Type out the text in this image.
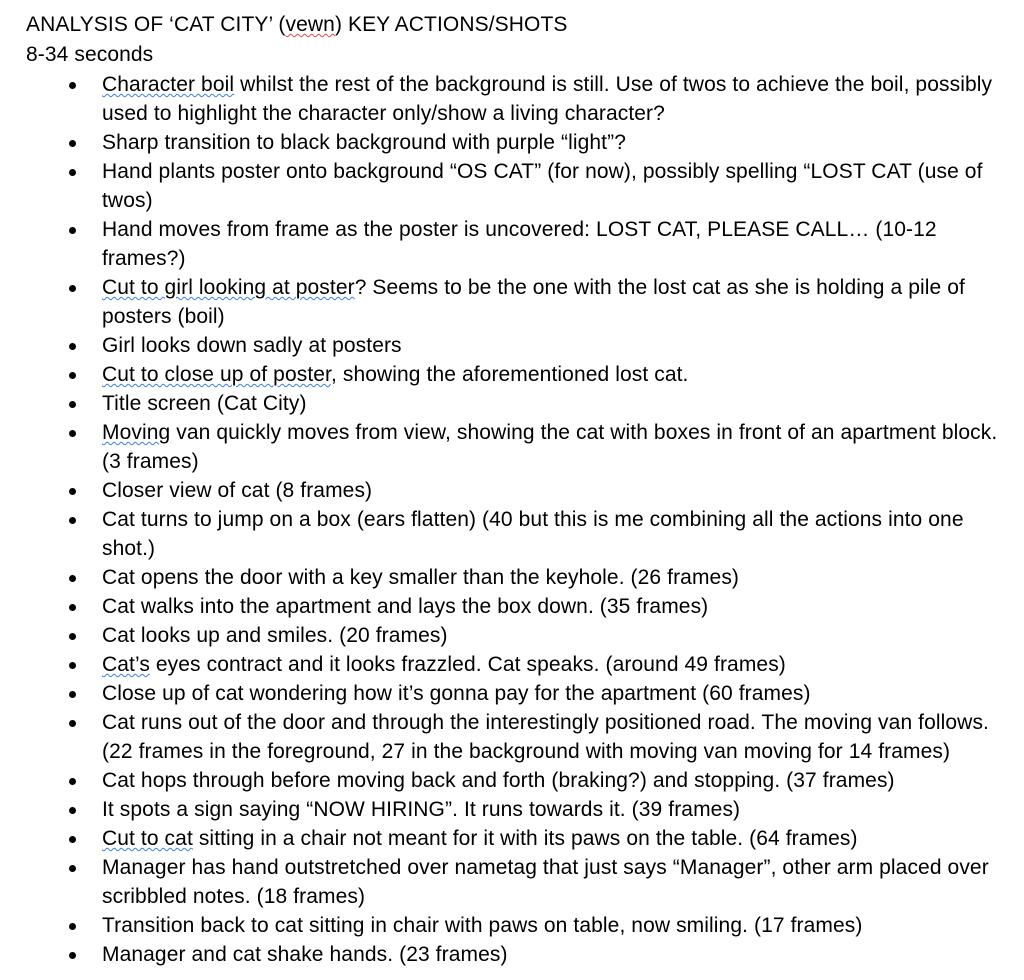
ANALYSIS OF ‘CAT CITY’ (vewn) KEY ACTIONS/SHOTS
8-34 seconds
Character boil whilst the rest of the background is still. Use of twos to achieve the boil, possibly used to highlight the character only/show a living character?
Sharp transition to black background with purple “light”?
Hand plants poster onto background “OS CAT” (for now), possibly spelling “LOST CAT (use of twos)
Hand moves from frame as the poster is uncovered: LOST CAT, PLEASE CALL… (10-12 frames?)
Cut to girl looking at poster? Seems to be the one with the lost cat as she is holding a pile of posters (boil)
Girl looks down sadly at posters
Cut to close up of poster, showing the aforementioned lost cat.
Title screen (Cat City)
Moving van quickly moves from view, showing the cat with boxes in front of an apartment block. (3 frames)
Closer view of cat (8 frames)
Cat turns to jump on a box (ears flatten) (40 but this is me combining all the actions into one shot.)
Cat opens the door with a key smaller than the keyhole. (26 frames)
Cat walks into the apartment and lays the box down. (35 frames)
Cat looks up and smiles. (20 frames)
Cat’s eyes contract and it looks frazzled. Cat speaks. (around 49 frames)
Close up of cat wondering how it’s gonna pay for the apartment (60 frames)
Cat runs out of the door and through the interestingly positioned road. The moving van follows. (22 frames in the foreground, 27 in the background with moving van moving for 14 frames)
Cat hops through before moving back and forth (braking?) and stopping. (37 frames)
It spots a sign saying “NOW HIRING”. It runs towards it. (39 frames)
Cut to cat sitting in a chair not meant for it with its paws on the table. (64 frames)
Manager has hand outstretched over nametag that just says “Manager”, other arm placed over scribbled notes. (18 frames)
Transition back to cat sitting in chair with paws on table, now smiling. (17 frames)
Manager and cat shake hands. (23 frames)
